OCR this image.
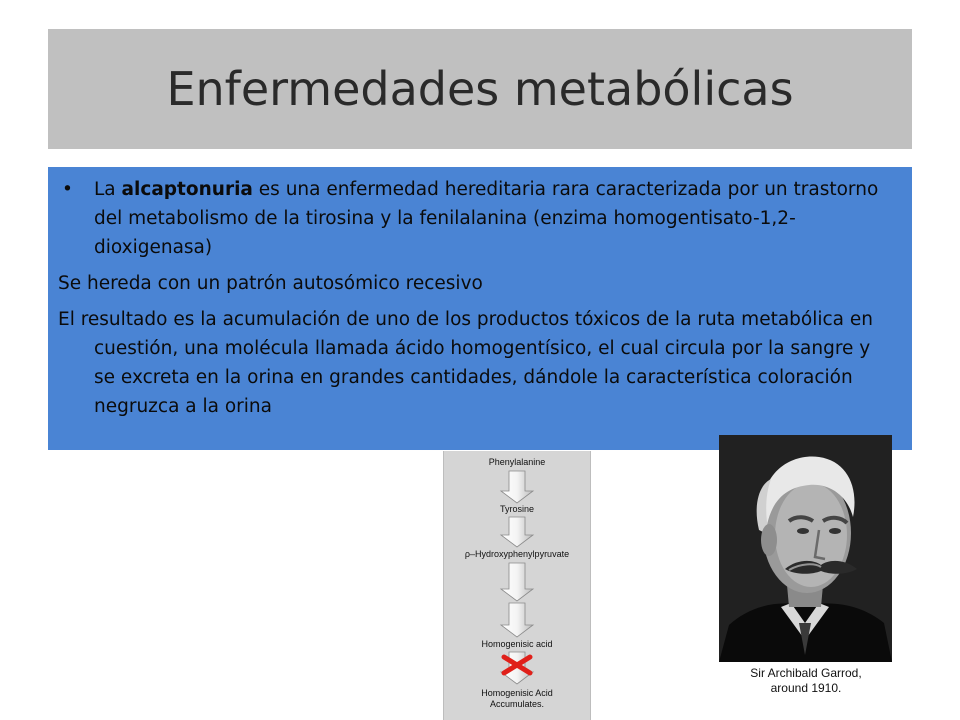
Enfermedades metabólicas

• La alcaptonuria es una enfermedad hereditaria rara caracterizada por un trastorno del metabolismo de la tirosina y la fenilalanina (enzima homogentisato-1,2-dioxigenasa)

Se hereda con un patrón autosómico recesivo

El resultado es la acumulación de uno de los productos tóxicos de la ruta metabólica en cuestión, una molécula llamada ácido homogentísico, el cual circula por la sangre y se excreta en la orina en grandes cantidades, dándole la característica coloración negruzca a la orina

Phenylalanine
Tyrosine
ρ–Hydroxyphenylpyruvate
Homogenisic acid
Homogenisic Acid
Accumulates.
Sir Archibald Garrod,
around 1910.
